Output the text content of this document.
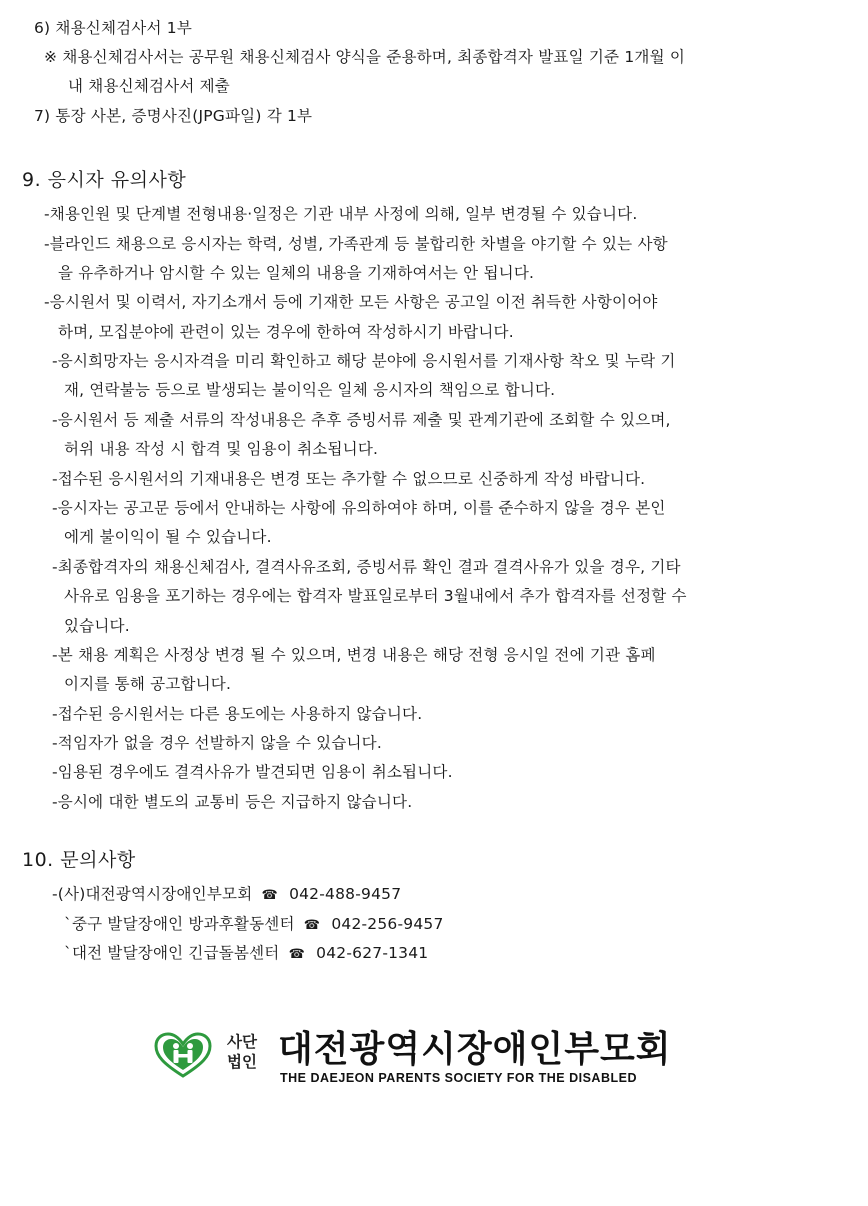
6) 채용신체검사서 1부
※ 채용신체검사서는 공무원 채용신체검사 양식을 준용하며, 최종합격자 발표일 기준 1개월 이
내 채용신체검사서 제출
7) 통장 사본, 증명사진(JPG파일) 각 1부
9. 응시자 유의사항
-채용인원 및 단계별 전형내용·일정은 기관 내부 사정에 의해, 일부 변경될 수 있습니다.
-블라인드 채용으로 응시자는 학력, 성별, 가족관계 등 불합리한 차별을 야기할 수 있는 사항
을 유추하거나 암시할 수 있는 일체의 내용을 기재하여서는 안 됩니다.
-응시원서 및 이력서, 자기소개서 등에 기재한 모든 사항은 공고일 이전 취득한 사항이어야
하며, 모집분야에 관련이 있는 경우에 한하여 작성하시기 바랍니다.
-응시희망자는 응시자격을 미리 확인하고 해당 분야에 응시원서를 기재사항 착오 및 누락 기
재, 연락불능 등으로 발생되는 불이익은 일체 응시자의 책임으로 합니다.
-응시원서 등 제출 서류의 작성내용은 추후 증빙서류 제출 및 관계기관에 조회할 수 있으며,
허위 내용 작성 시 합격 및 임용이 취소됩니다.
-접수된 응시원서의 기재내용은 변경 또는 추가할 수 없으므로 신중하게 작성 바랍니다.
-응시자는 공고문 등에서 안내하는 사항에 유의하여야 하며, 이를 준수하지 않을 경우 본인
에게 불이익이 될 수 있습니다.
-최종합격자의 채용신체검사, 결격사유조회, 증빙서류 확인 결과 결격사유가 있을 경우, 기타
사유로 임용을 포기하는 경우에는 합격자 발표일로부터 3월내에서 추가 합격자를 선정할 수
있습니다.
-본 채용 계획은 사정상 변경 될 수 있으며, 변경 내용은 해당 전형 응시일 전에 기관 홈페
이지를 통해 공고합니다.
-접수된 응시원서는 다른 용도에는 사용하지 않습니다.
-적임자가 없을 경우 선발하지 않을 수 있습니다.
-임용된 경우에도 결격사유가 발견되면 임용이 취소됩니다.
-응시에 대한 별도의 교통비 등은 지급하지 않습니다.
10. 문의사항
-(사)대전광역시장애인부모회 ☎ 042-488-9457
`중구 발달장애인 방과후활동센터 ☎ 042-256-9457
`대전 발달장애인 긴급돌봄센터 ☎ 042-627-1341
사단
법인 대전광역시장애인부모회
THE DAEJEON PARENTS SOCIETY FOR THE DISABLED
